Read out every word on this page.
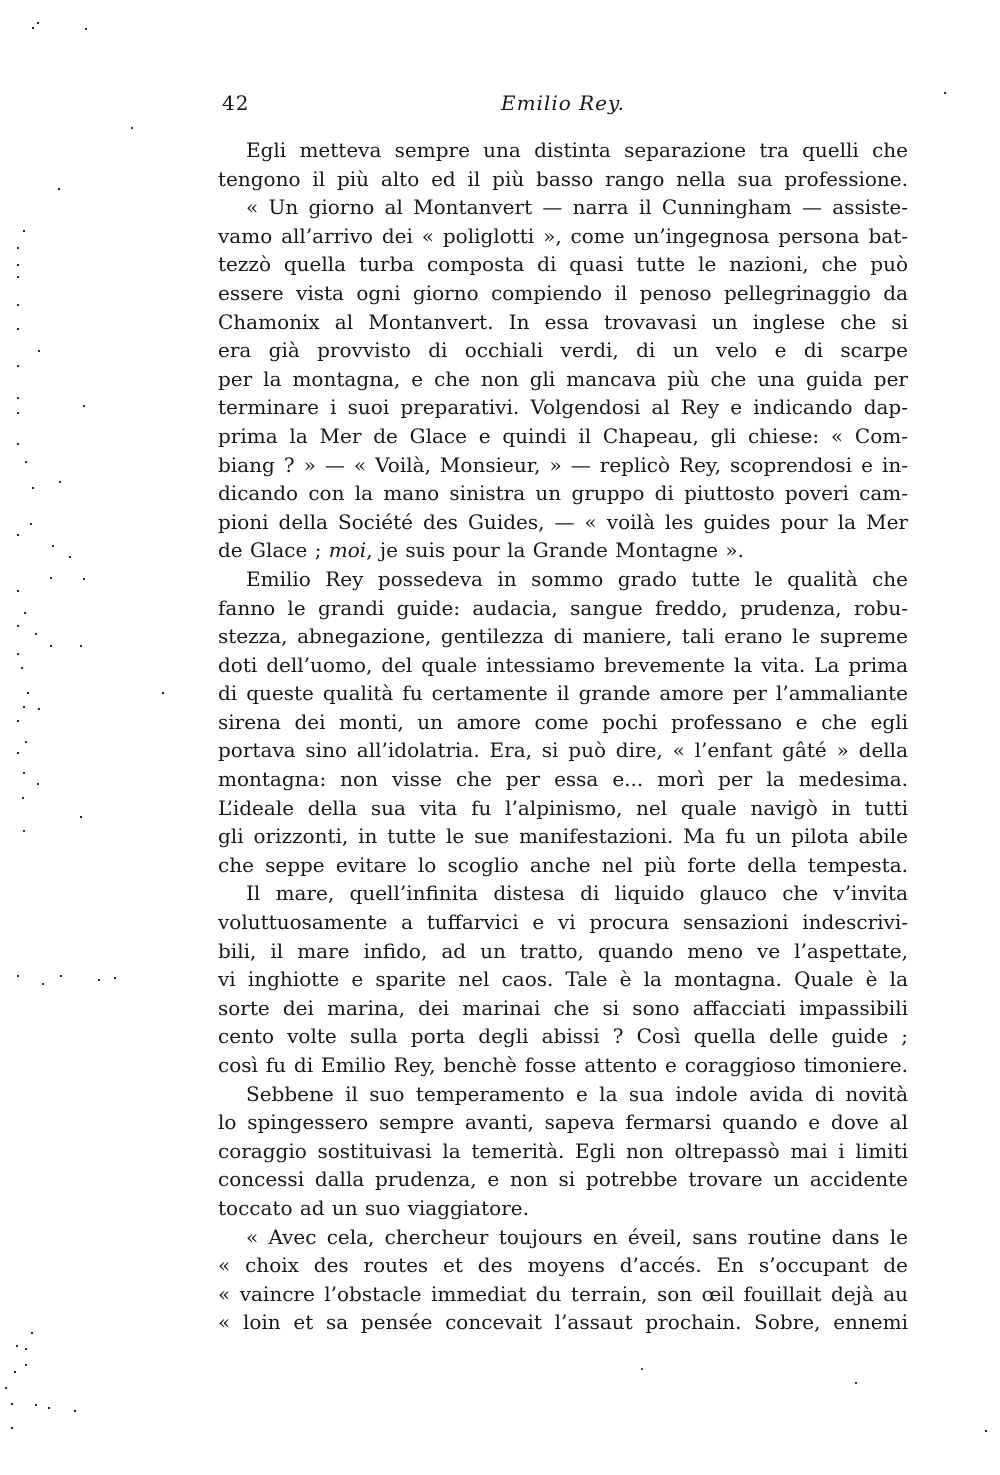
42	Emilio Rey.
Egli metteva sempre una distinta separazione tra quelli che
tengono il più alto ed il più basso rango nella sua professione.
« Un giorno al Montanvert — narra il Cunningham — assiste-
vamo all’arrivo dei « poliglotti », come un’ingegnosa persona bat-
tezzò quella turba composta di quasi tutte le nazioni, che può
essere vista ogni giorno compiendo il penoso pellegrinaggio da
Chamonix al Montanvert. In essa trovavasi un inglese che si
era già provvisto di occhiali verdi, di un velo e di scarpe
per la montagna, e che non gli mancava più che una guida per
terminare i suoi preparativi. Volgendosi al Rey e indicando dap-
prima la Mer de Glace e quindi il Chapeau, gli chiese: « Com-
biang ? » — « Voilà, Monsieur, » — replicò Rey, scoprendosi e in-
dicando con la mano sinistra un gruppo di piuttosto poveri cam-
pioni della Société des Guides, — « voilà les guides pour la Mer
de Glace ; moi, je suis pour la Grande Montagne ».
Emilio Rey possedeva in sommo grado tutte le qualità che
fanno le grandi guide: audacia, sangue freddo, prudenza, robu-
stezza, abnegazione, gentilezza di maniere, tali erano le supreme
doti dell’uomo, del quale intessiamo brevemente la vita. La prima
di queste qualità fu certamente il grande amore per l’ammaliante
sirena dei monti, un amore come pochi professano e che egli
portava sino all’idolatria. Era, si può dire, « l’enfant gâté » della
montagna: non visse che per essa e... morì per la medesima.
L’ideale della sua vita fu l’alpinismo, nel quale navigò in tutti
gli orizzonti, in tutte le sue manifestazioni. Ma fu un pilota abile
che seppe evitare lo scoglio anche nel più forte della tempesta.
Il mare, quell’infinita distesa di liquido glauco che v’invita
voluttuosamente a tuffarvici e vi procura sensazioni indescrivi-
bili, il mare infido, ad un tratto, quando meno ve l’aspettate,
vi inghiotte e sparite nel caos. Tale è la montagna. Quale è la
sorte dei marina, dei marinai che si sono affacciati impassibili
cento volte sulla porta degli abissi ? Così quella delle guide ;
così fu di Emilio Rey, benchè fosse attento e coraggioso timoniere.
Sebbene il suo temperamento e la sua indole avida di novità
lo spingessero sempre avanti, sapeva fermarsi quando e dove al
coraggio sostituivasi la temerità. Egli non oltrepassò mai i limiti
concessi dalla prudenza, e non si potrebbe trovare un accidente
toccato ad un suo viaggiatore.
« Avec cela, chercheur toujours en éveil, sans routine dans le
« choix des routes et des moyens d’accés. En s’occupant de
« vaincre l’obstacle immediat du terrain, son œil fouillait dejà au
« loin et sa pensée concevait l’assaut prochain. Sobre, ennemi
